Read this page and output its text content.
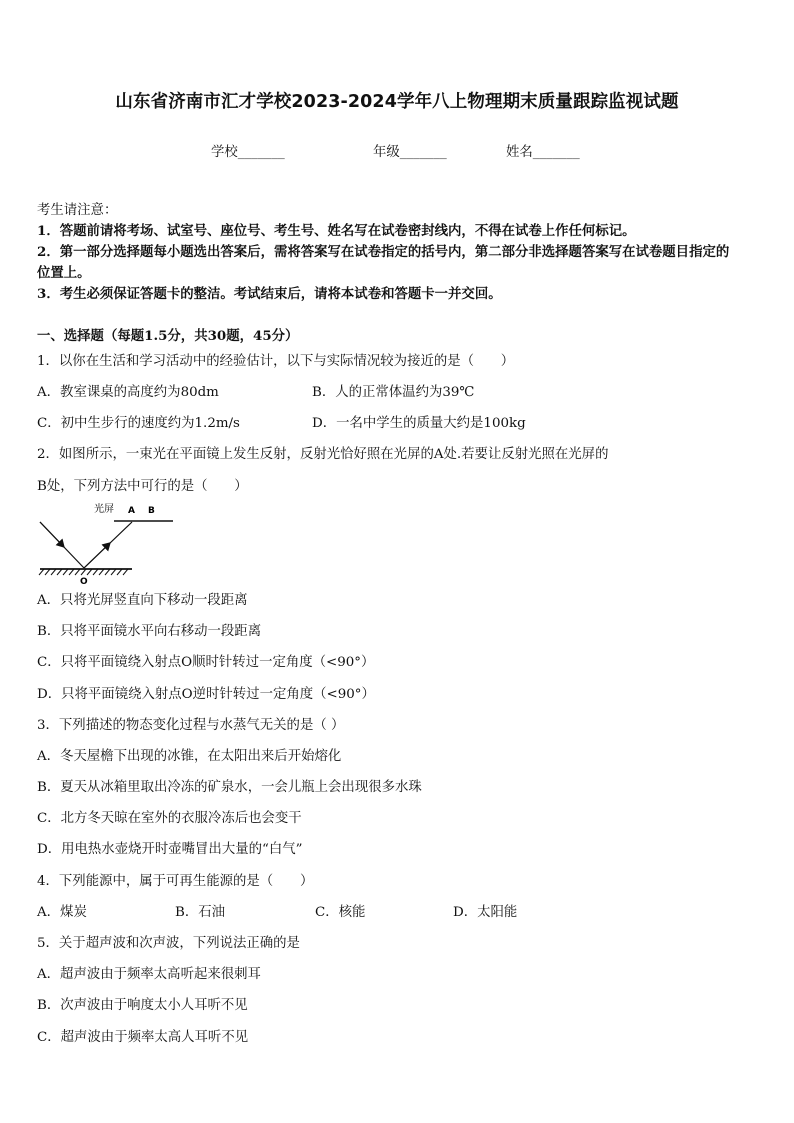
山东省济南市汇才学校2023-2024学年八上物理期末质量跟踪监视试题
学校_______	年级_______	姓名_______
考生请注意：
1．答题前请将考场、试室号、座位号、考生号、姓名写在试卷密封线内，不得在试卷上作任何标记。
2．第一部分选择题每小题选出答案后，需将答案写在试卷指定的括号内，第二部分非选择题答案写在试卷题目指定的
位置上。
3．考生必须保证答题卡的整洁。考试结束后，请将本试卷和答题卡一并交回。
一、选择题（每题1.5分，共30题，45分）
1．以你在生活和学习活动中的经验估计，以下与实际情况较为接近的是（　　）
A．教室课桌的高度约为80dm	B．人的正常体温约为39℃
C．初中生步行的速度约为1.2m/s	D．一名中学生的质量大约是100kg
2．如图所示，一束光在平面镜上发生反射，反射光恰好照在光屏的A处.若要让反射光照在光屏的
B处，下列方法中可行的是（　　）
光屏 A B
O
A．只将光屏竖直向下移动一段距离
B．只将平面镜水平向右移动一段距离
C．只将平面镜绕入射点O顺时针转过一定角度（<90°）
D．只将平面镜绕入射点O逆时针转过一定角度（<90°）
3．下列描述的物态变化过程与水蒸气无关的是（ ）
A．冬天屋檐下出现的冰锥，在太阳出来后开始熔化
B．夏天从冰箱里取出冷冻的矿泉水，一会儿瓶上会出现很多水珠
C．北方冬天晾在室外的衣服冷冻后也会变干
D．用电热水壶烧开时壶嘴冒出大量的“白气”
4．下列能源中，属于可再生能源的是（　　）
A．煤炭	B．石油	C．核能	D．太阳能
5．关于超声波和次声波，下列说法正确的是
A．超声波由于频率太高听起来很刺耳
B．次声波由于响度太小人耳听不见
C．超声波由于频率太高人耳听不见
